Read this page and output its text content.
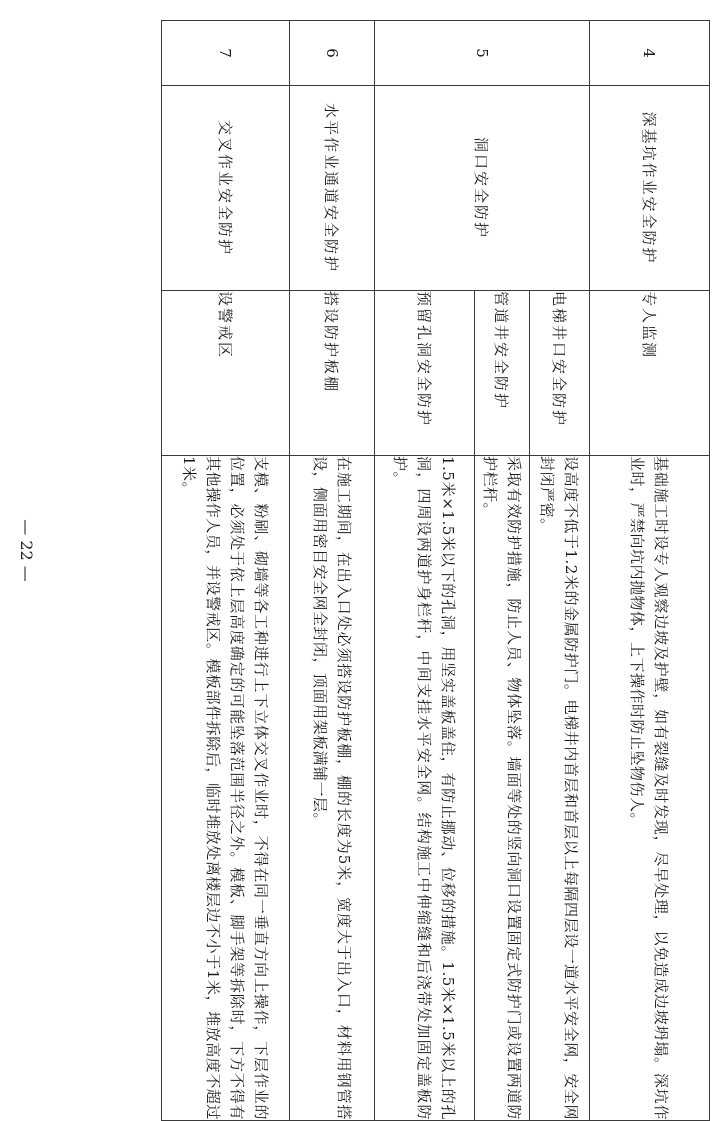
4	深基坑作业安全防护	专人监测	基础施工时设专人观察边坡及护壁，如有裂缝及时发现，尽早处理，以免造成边坡坍塌。深坑作业时，严禁向坑内抛物体，上下操作时防止坠物伤人。
5	洞口安全防护	电梯井口安全防护	设高度不低于1.2米的金属防护门。电梯井内首层和首层以上每隔四层设一道水平安全网，安全网封闭严密。
		管道井安全防护	采取有效防护措施，防止人员、物体坠落。墙面等处的竖向洞口设置固定式防护门或设置两道防护栏杆。
		预留孔洞安全防护	1.5米×1.5米以下的孔洞，用坚实盖板盖住，有防止挪动、位移的措施。1.5米×1.5米以上的孔洞，四周设两道护身栏杆，中间支挂水平安全网。结构施工中伸缩缝和后浇带处加固定盖板防护。
6	水平作业通道安全防护	搭设防护板棚	在施工期间，在出入口处必须搭设防护板棚，棚的长度为5米，宽度大于出入口，材料用钢管搭设，侧面用密目安全网全封闭，顶面用架板满铺一层。
7	交叉作业安全防护	设警戒区	支模、粉刷、砌墙等各工种进行上下立体交叉作业时，不得在同一垂直方向上操作，下层作业的位置，必须处于依上层高度确定的可能坠落范围半径之外。模板、脚手架等拆除时，下方不得有其他操作人员，并设警戒区。模板部件拆除后，临时堆放处离楼层边不小于1米，堆放高度不超过1米。
— 22 —
